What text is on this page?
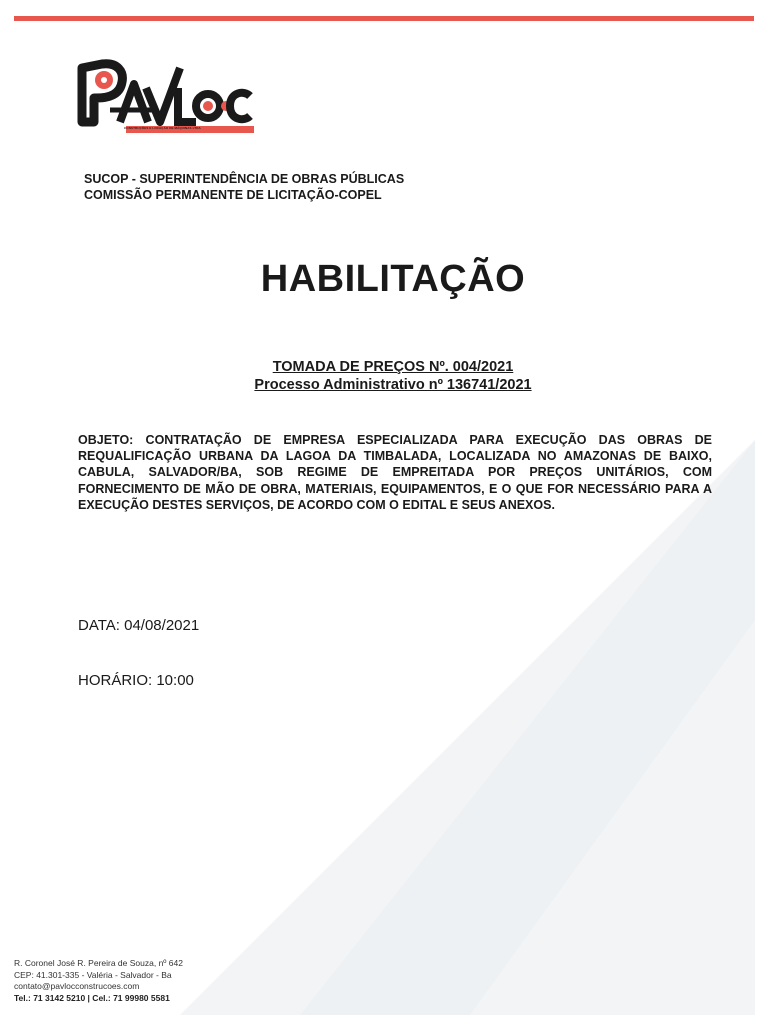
CONSTRUÇÕES E LOCAÇÃO DE MÁQUINAS LTDA
SUCOP - SUPERINTENDÊNCIA DE OBRAS PÚBLICAS
COMISSÃO PERMANENTE DE LICITAÇÃO-COPEL
HABILITAÇÃO
TOMADA DE PREÇOS Nº. 004/2021
Processo Administrativo nº 136741/2021
OBJETO: CONTRATAÇÃO DE EMPRESA ESPECIALIZADA PARA EXECUÇÃO DAS OBRAS DE REQUALIFICAÇÃO URBANA DA LAGOA DA TIMBALADA, LOCALIZADA NO AMAZONAS DE BAIXO, CABULA, SALVADOR/BA, SOB REGIME DE EMPREITADA POR PREÇOS UNITÁRIOS, COM FORNECIMENTO DE MÃO DE OBRA, MATERIAIS, EQUIPAMENTOS, E O QUE FOR NECESSÁRIO PARA A EXECUÇÃO DESTES SERVIÇOS, DE ACORDO COM O EDITAL E SEUS ANEXOS.
DATA: 04/08/2021
HORÁRIO: 10:00
R. Coronel José R. Pereira de Souza, nº 642
CEP: 41.301-335 - Valéria - Salvador - Ba
contato@pavlocconstrucoes.com
Tel.: 71 3142 5210 | Cel.: 71 99980 5581
